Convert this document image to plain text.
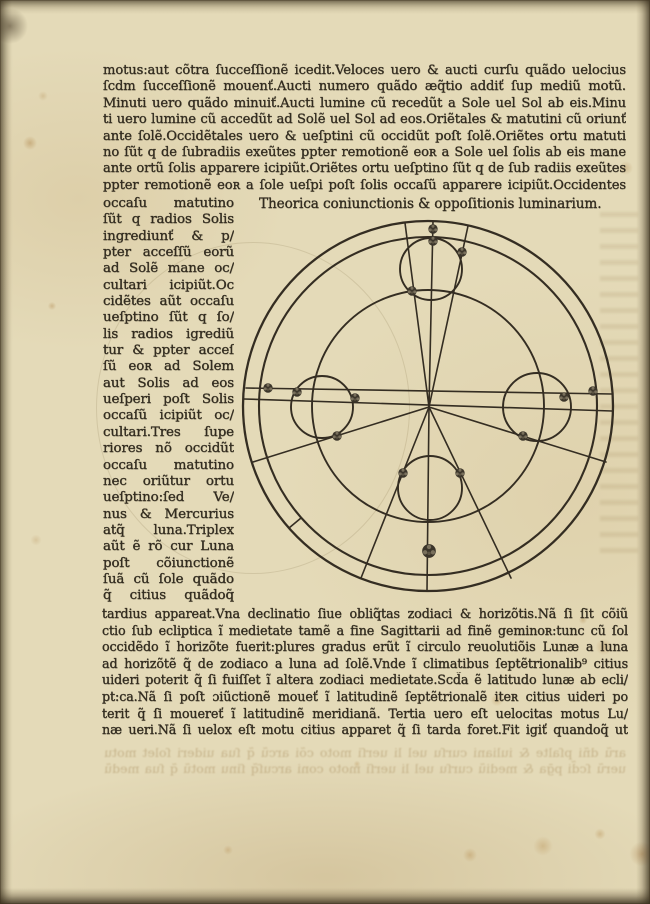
motus:aut cõtra ſucceſſionẽ icedit.Veloces uero & aucti curſu quãdo uelocius
ſcd̃m ſucceſſionẽ mouenť.Aucti numero quãdo æq̃tio addiť ſup mediũ motũ.
Minuti uero quãdo minuiť.Aucti lumine cũ recedũt a Sole uel Sol ab eis.Minu
ti uero lumine cũ accedũt ad Solẽ uel Sol ad eos.Oriẽtales & matutini cũ oriunť
ante ſolẽ.Occidẽtales uero & ueſptini cũ occidũt poſt ſolẽ.Oriẽtes ortu matuti
no ſũt q de ſubradiis exeũtes ppter remotionẽ eoʀ a Sole uel ſolis ab eis mane
ante ortũ ſolis apparere icipiũt.Oriẽtes ortu ueſptino ſũt q de ſub radiis exeũtes
ppter remotionẽ eoʀ a ſole ueſpi poſt ſolis occaſũ apparere icipiũt.Occidentes
occaſu matutino
ſũt q radios Solis
ingrediunť & p/
pter acceſſũ eorũ
ad Solẽ mane oc/
cultari icipiũt.Oc
cidẽtes aũt occaſu
ueſptino ſũt q ſo/
lis radios igrediũ
tur & ppter acceſ
ſũ eoʀ ad Solem
aut Solis ad eos
ueſperi poſt Solis
occaſũ icipiũt oc/
cultari.Tres ſupe
riores nõ occidũt
occaſu matutino
nec oriũtur ortu
ueſptino:ſed Ve/
nus & Mercurius
atq̃ luna.Triplex
aũt ẽ rõ cur Luna
poſt cõiunctionẽ
ſuã cũ ſole quãdo
q̃ citius quãdoq̃
Theorica coniunctionis & oppoſitionis luminarium.
tardius appareat.Vna declinatio ſiue obliq̃tas zodiaci & horizõtis.Nã ſi ſit cõiũ
ctio ſub ecliptica ĩ medietate tamẽ a fine Sagittarii ad finẽ geminoʀ:tunc cũ ſol
occidẽdo ĩ horizõte fuerit:plures gradus erũt ĩ circulo reuolutiõis Lunæ a luna
ad horizõtẽ q̃ de zodiaco a luna ad ſolẽ.Vnde ĩ climatibus ſeptẽtrionalib⁹ citius
uideri poterit q̃ ſi fuiſſet ĩ altera zodiaci medietate.Scd̃a ẽ latitudo lunæ ab ecli/
pt:ca.Nã ſi poſt ɔiũctionẽ moueť ĩ latitudinẽ ſeptẽtrionalẽ iteʀ citius uideri po
terit q̃ ſi mouereť ĩ latitudinẽ meridianã. Tertia uero eſt uelocitas motus Lu/
næ ueri.Nã ſi uelox eſt motu citius apparet q̃ ſi tarda foret.Fit igiť quandoq̃ ut
arũ dñi pſalte & iuliani curſu uel li uerſi moto cõi arcũ q̃ ſua uideri ſolet motu
uerũ ſcd̃i pḡa & mediũ curſu uel li uerſi moto coni arcuſq̃ ſinu motũ q̃ ſua medũ
